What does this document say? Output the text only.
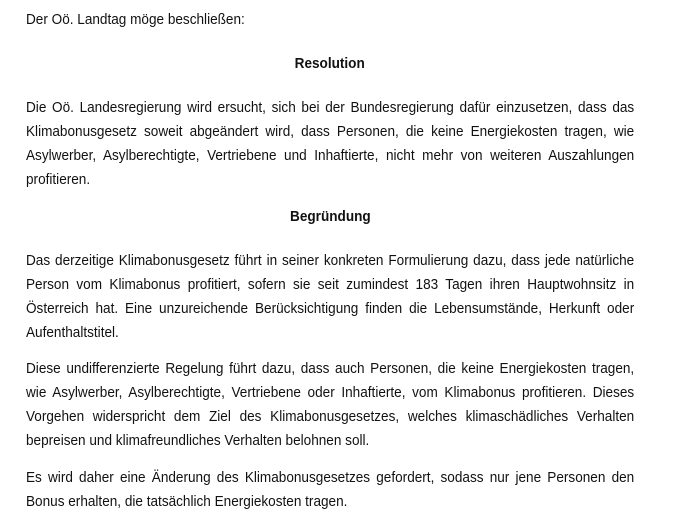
Der Oö. Landtag möge beschließen:
Resolution
Die Oö. Landesregierung wird ersucht, sich bei der Bundesregierung dafür einzusetzen, dass das Klimabonusgesetz soweit abgeändert wird, dass Personen, die keine Energiekosten tragen, wie Asylwerber, Asylberechtigte, Vertriebene und Inhaftierte, nicht mehr von weiteren Auszahlungen profitieren.
Begründung
Das derzeitige Klimabonusgesetz führt in seiner konkreten Formulierung dazu, dass jede natürliche Person vom Klimabonus profitiert, sofern sie seit zumindest 183 Tagen ihren Hauptwohnsitz in Österreich hat. Eine unzureichende Berücksichtigung finden die Lebensumstände, Herkunft oder Aufenthaltstitel.
Diese undifferenzierte Regelung führt dazu, dass auch Personen, die keine Energiekosten tragen, wie Asylwerber, Asylberechtigte, Vertriebene oder Inhaftierte, vom Klimabonus profitieren. Dieses Vorgehen widerspricht dem Ziel des Klimabonusgesetzes, welches klimaschädliches Verhalten bepreisen und klimafreundliches Verhalten belohnen soll.
Es wird daher eine Änderung des Klimabonusgesetzes gefordert, sodass nur jene Personen den Bonus erhalten, die tatsächlich Energiekosten tragen.
